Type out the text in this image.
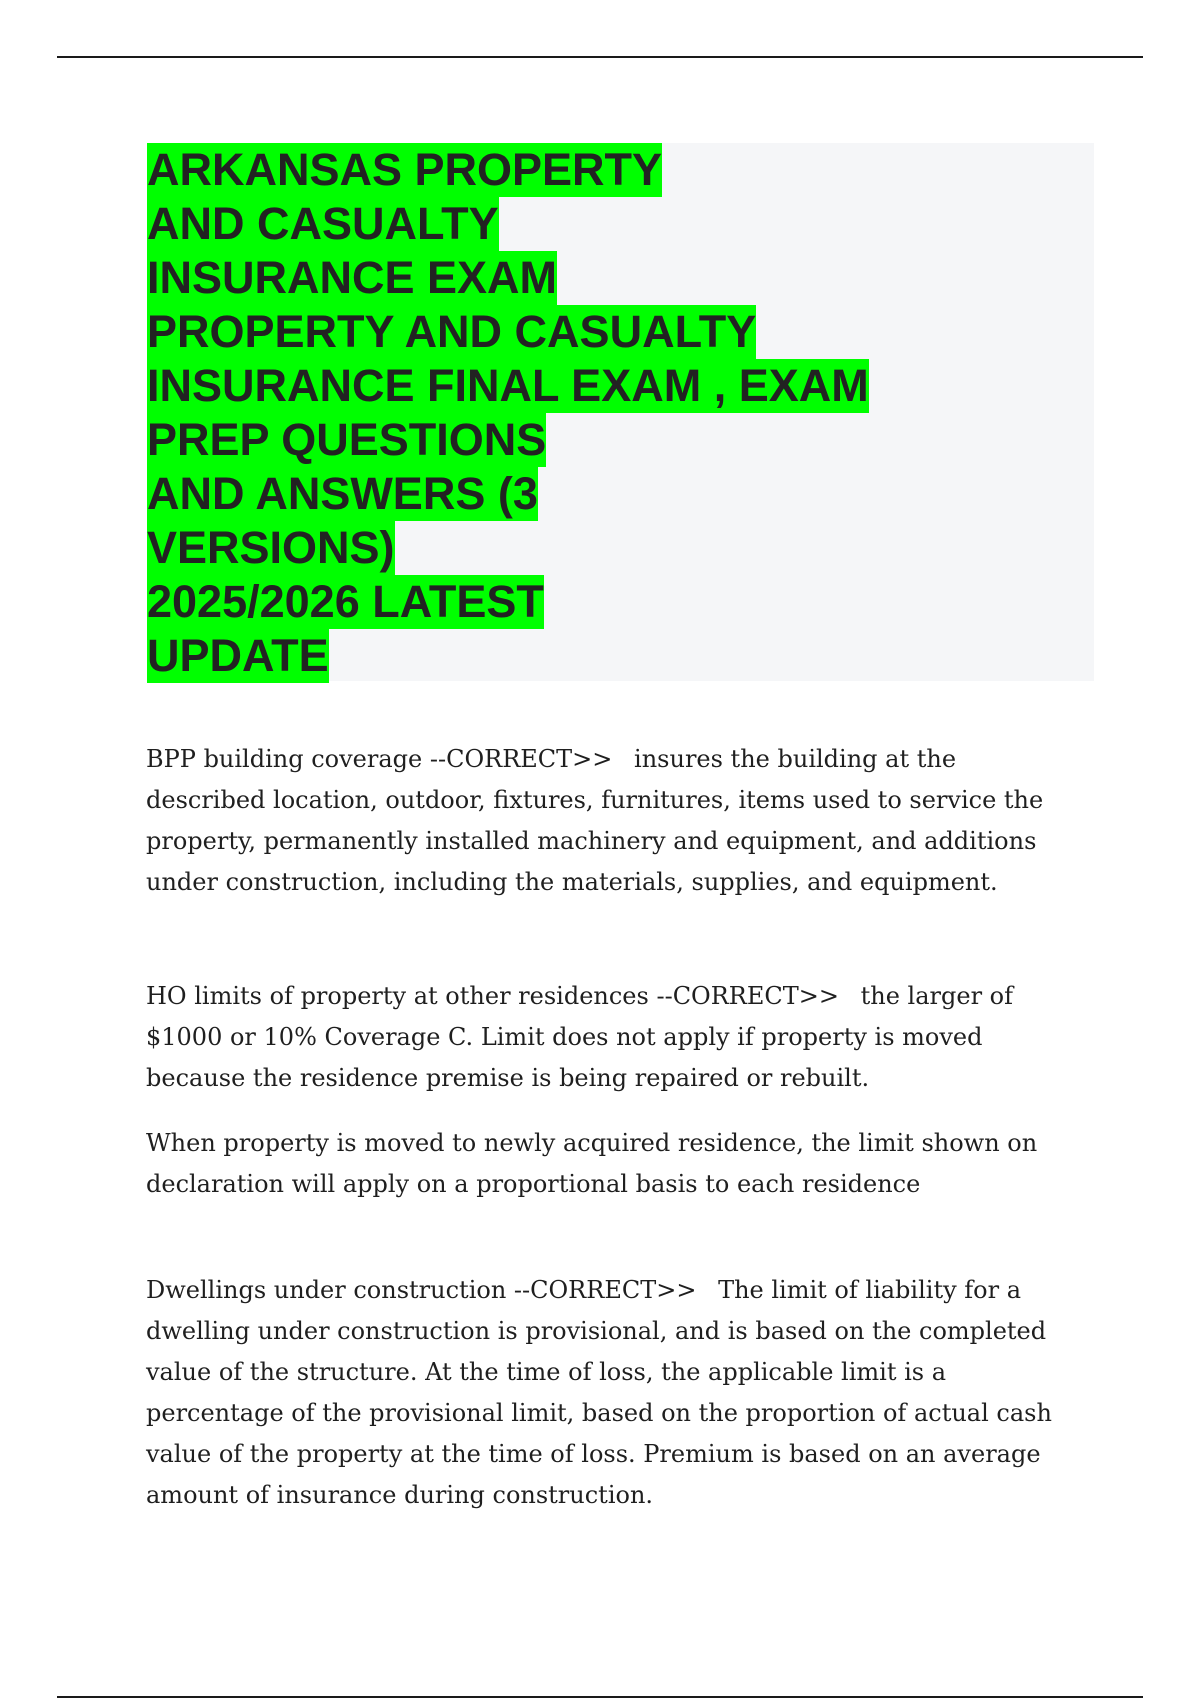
ARKANSAS PROPERTY
AND CASUALTY
INSURANCE EXAM
PROPERTY AND CASUALTY
INSURANCE FINAL EXAM , EXAM
PREP QUESTIONS
AND ANSWERS (3
VERSIONS)
2025/2026 LATEST
UPDATE

BPP building coverage --CORRECT>> insures the building at the described location, outdoor, fixtures, furnitures, items used to service the property, permanently installed machinery and equipment, and additions under construction, including the materials, supplies, and equipment.

HO limits of property at other residences --CORRECT>> the larger of $1000 or 10% Coverage C. Limit does not apply if property is moved because the residence premise is being repaired or rebuilt.

When property is moved to newly acquired residence, the limit shown on declaration will apply on a proportional basis to each residence

Dwellings under construction --CORRECT>> The limit of liability for a dwelling under construction is provisional, and is based on the completed value of the structure. At the time of loss, the applicable limit is a percentage of the provisional limit, based on the proportion of actual cash value of the property at the time of loss. Premium is based on an average amount of insurance during construction.
